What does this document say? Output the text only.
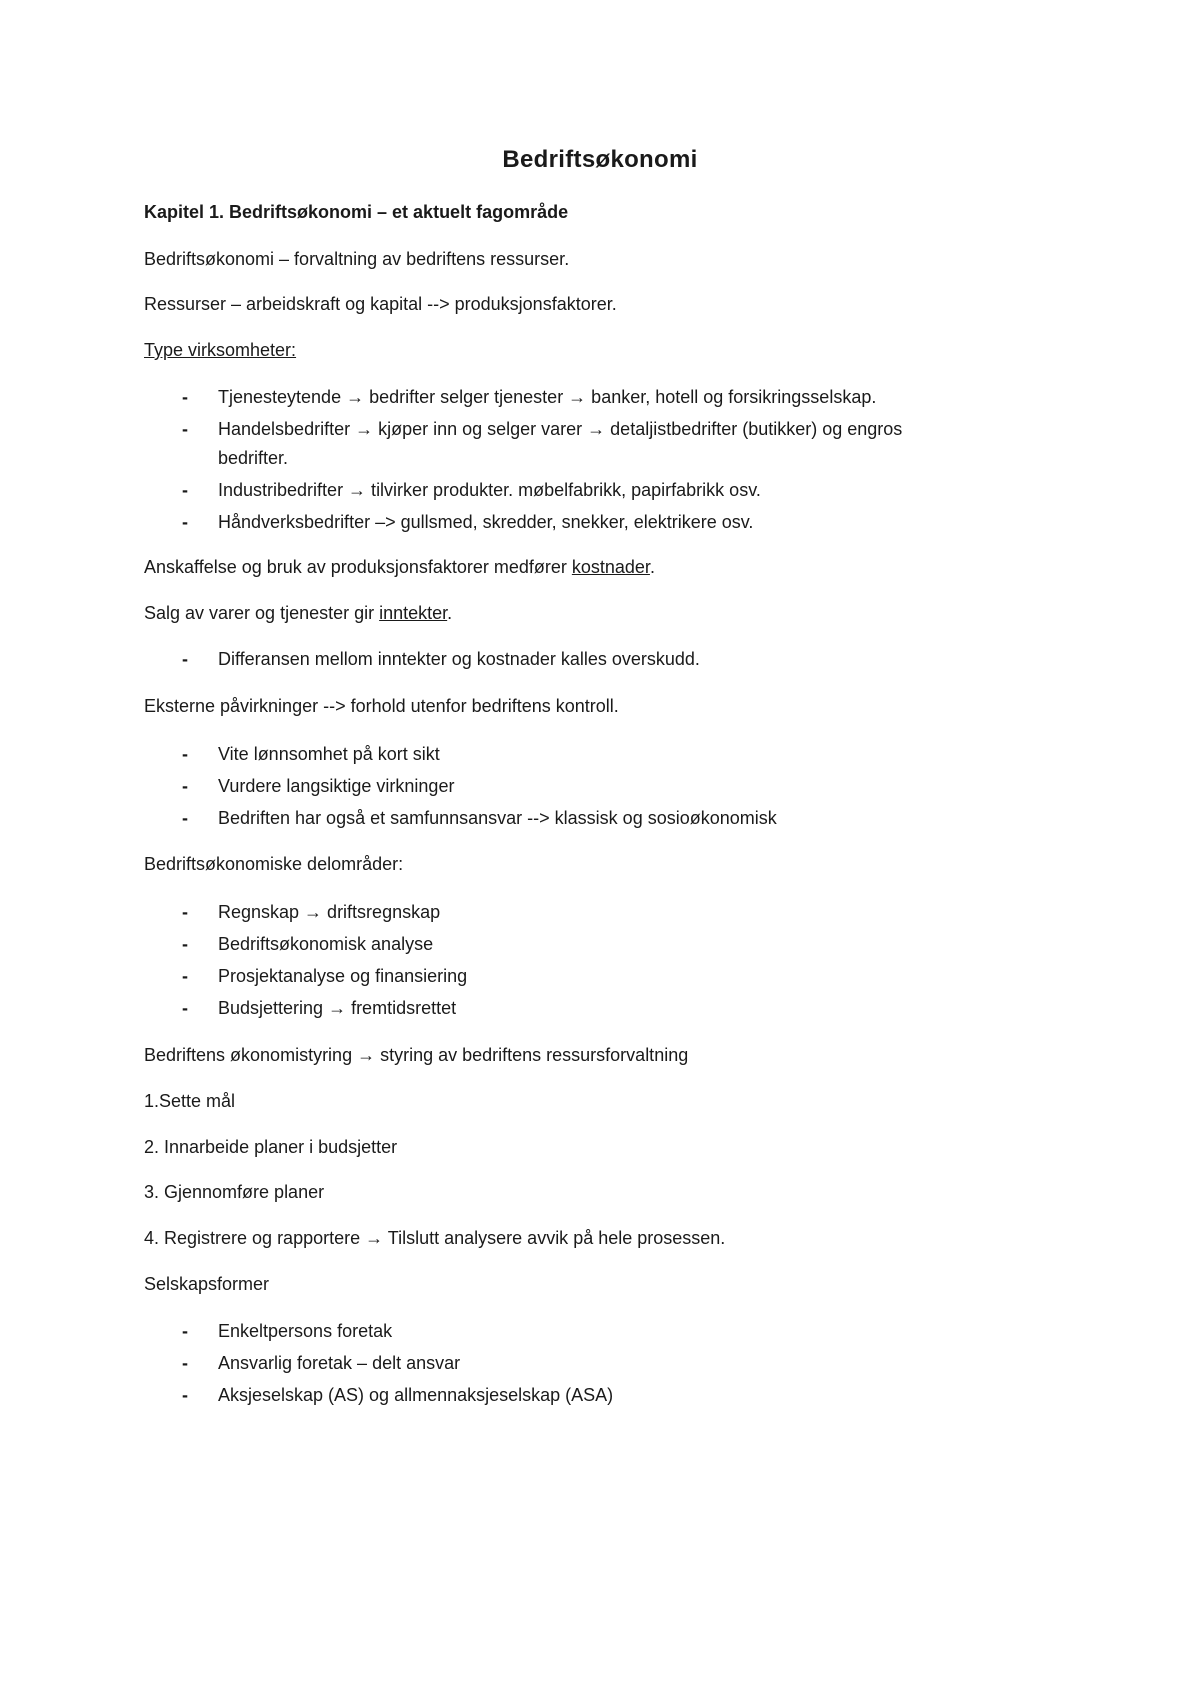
Bedriftsøkonomi
Kapitel 1. Bedriftsøkonomi – et aktuelt fagområde
Bedriftsøkonomi – forvaltning av bedriftens ressurser.
Ressurser – arbeidskraft og kapital --> produksjonsfaktorer.
Type virksomheter:
- Tjenesteytende → bedrifter selger tjenester → banker, hotell og forsikringsselskap.
- Handelsbedrifter → kjøper inn og selger varer → detaljistbedrifter (butikker) og engros
bedrifter.
- Industribedrifter → tilvirker produkter. møbelfabrikk, papirfabrikk osv.
- Håndverksbedrifter –> gullsmed, skredder, snekker, elektrikere osv.
Anskaffelse og bruk av produksjonsfaktorer medfører kostnader.
Salg av varer og tjenester gir inntekter.
- Differansen mellom inntekter og kostnader kalles overskudd.
Eksterne påvirkninger --> forhold utenfor bedriftens kontroll.
- Vite lønnsomhet på kort sikt
- Vurdere langsiktige virkninger
- Bedriften har også et samfunnsansvar --> klassisk og sosioøkonomisk
Bedriftsøkonomiske delområder:
- Regnskap → driftsregnskap
- Bedriftsøkonomisk analyse
- Prosjektanalyse og finansiering
- Budsjettering → fremtidsrettet
Bedriftens økonomistyring → styring av bedriftens ressursforvaltning
1.Sette mål
2. Innarbeide planer i budsjetter
3. Gjennomføre planer
4. Registrere og rapportere → Tilslutt analysere avvik på hele prosessen.
Selskapsformer
- Enkeltpersons foretak
- Ansvarlig foretak – delt ansvar
- Aksjeselskap (AS) og allmennaksjeselskap (ASA)
